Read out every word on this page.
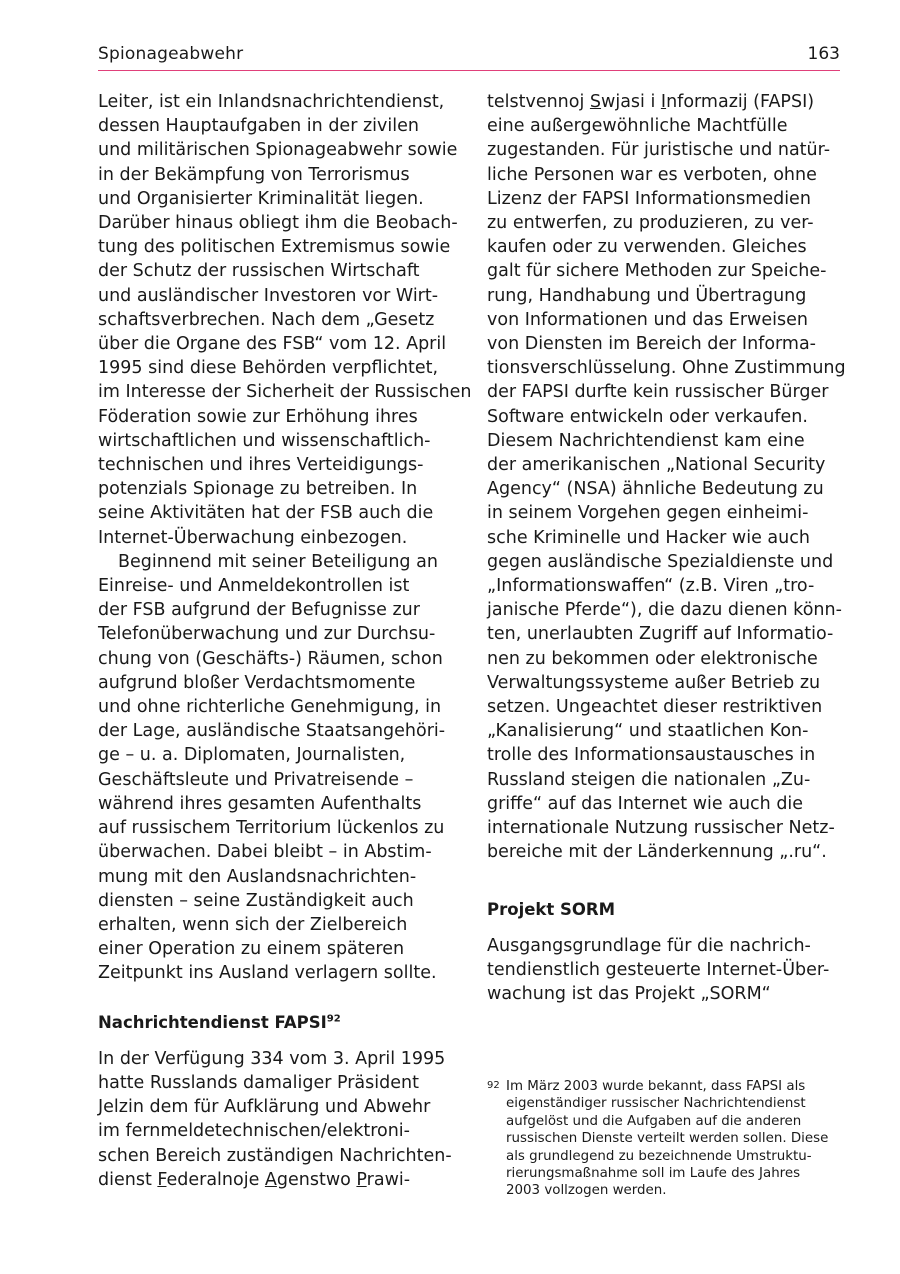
Spionageabwehr	163
Leiter, ist ein Inlandsnachrichtendienst,
dessen Hauptaufgaben in der zivilen
und militärischen Spionageabwehr sowie
in der Bekämpfung von Terrorismus
und Organisierter Kriminalität liegen.
Darüber hinaus obliegt ihm die Beobach-
tung des politischen Extremismus sowie
der Schutz der russischen Wirtschaft
und ausländischer Investoren vor Wirt-
schaftsverbrechen. Nach dem „Gesetz
über die Organe des FSB“ vom 12. April
1995 sind diese Behörden verpflichtet,
im Interesse der Sicherheit der Russischen
Föderation sowie zur Erhöhung ihres
wirtschaftlichen und wissenschaftlich-
technischen und ihres Verteidigungs-
potenzials Spionage zu betreiben. In
seine Aktivitäten hat der FSB auch die
Internet-Überwachung einbezogen.
Beginnend mit seiner Beteiligung an
Einreise- und Anmeldekontrollen ist
der FSB aufgrund der Befugnisse zur
Telefonüberwachung und zur Durchsu-
chung von (Geschäfts-) Räumen, schon
aufgrund bloßer Verdachtsmomente
und ohne richterliche Genehmigung, in
der Lage, ausländische Staatsangehöri-
ge – u. a. Diplomaten, Journalisten,
Geschäftsleute und Privatreisende –
während ihres gesamten Aufenthalts
auf russischem Territorium lückenlos zu
überwachen. Dabei bleibt – in Abstim-
mung mit den Auslandsnachrichten-
diensten – seine Zuständigkeit auch
erhalten, wenn sich der Zielbereich
einer Operation zu einem späteren
Zeitpunkt ins Ausland verlagern sollte.
Nachrichtendienst FAPSI$^{92}$
In der Verfügung 334 vom 3. April 1995
hatte Russlands damaliger Präsident
Jelzin dem für Aufklärung und Abwehr
im fernmeldetechnischen/elektroni-
schen Bereich zuständigen Nachrichten-
dienst Federalnoje Agenstwo Prawi-
telstvennoj Swjasi i Informazij (FAPSI)
eine außergewöhnliche Machtfülle
zugestanden. Für juristische und natür-
liche Personen war es verboten, ohne
Lizenz der FAPSI Informationsmedien
zu entwerfen, zu produzieren, zu ver-
kaufen oder zu verwenden. Gleiches
galt für sichere Methoden zur Speiche-
rung, Handhabung und Übertragung
von Informationen und das Erweisen
von Diensten im Bereich der Informa-
tionsverschlüsselung. Ohne Zustimmung
der FAPSI durfte kein russischer Bürger
Software entwickeln oder verkaufen.
Diesem Nachrichtendienst kam eine
der amerikanischen „National Security
Agency“ (NSA) ähnliche Bedeutung zu
in seinem Vorgehen gegen einheimi-
sche Kriminelle und Hacker wie auch
gegen ausländische Spezialdienste und
„Informationswaffen“ (z.B. Viren „tro-
janische Pferde“), die dazu dienen könn-
ten, unerlaubten Zugriff auf Informatio-
nen zu bekommen oder elektronische
Verwaltungssysteme außer Betrieb zu
setzen. Ungeachtet dieser restriktiven
„Kanalisierung“ und staatlichen Kon-
trolle des Informationsaustausches in
Russland steigen die nationalen „Zu-
griffe“ auf das Internet wie auch die
internationale Nutzung russischer Netz-
bereiche mit der Länderkennung „.ru“.
Projekt SORM
Ausgangsgrundlage für die nachrich-
tendienstlich gesteuerte Internet-Über-
wachung ist das Projekt „SORM“
92 Im März 2003 wurde bekannt, dass FAPSI als
eigenständiger russischer Nachrichtendienst
aufgelöst und die Aufgaben auf die anderen
russischen Dienste verteilt werden sollen. Diese
als grundlegend zu bezeichnende Umstruktu-
rierungsmaßnahme soll im Laufe des Jahres
2003 vollzogen werden.
